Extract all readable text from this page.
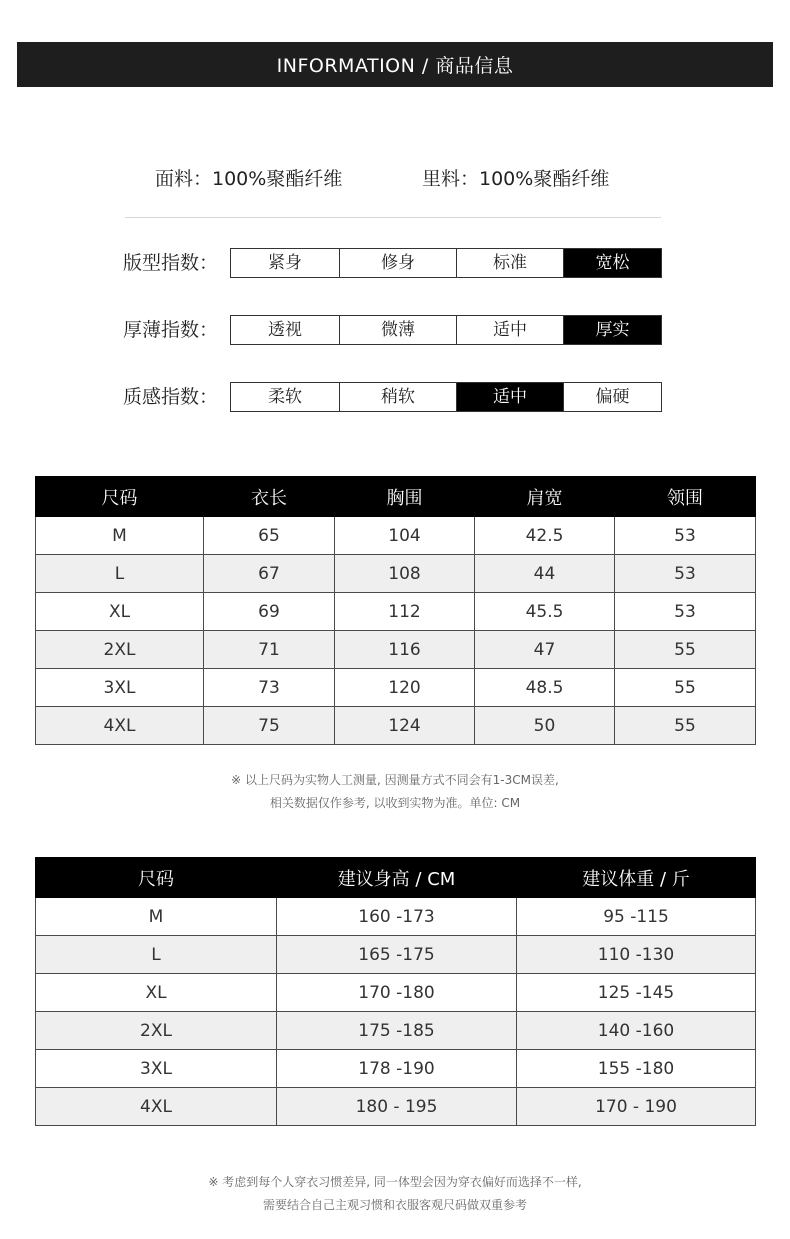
INFORMATION / 商品信息
面料：100%聚酯纤维	里料：100%聚酯纤维
版型指数：	紧身	修身	标准	宽松
厚薄指数：	透视	微薄	适中	厚实
质感指数：	柔软	稍软	适中	偏硬
尺码	衣长	胸围	肩宽	领围
M	65	104	42.5	53
L	67	108	44	53
XL	69	112	45.5	53
2XL	71	116	47	55
3XL	73	120	48.5	55
4XL	75	124	50	55
※ 以上尺码为实物人工测量, 因测量方式不同会有1-3CM误差,
相关数据仅作参考, 以收到实物为准。单位: CM
尺码	建议身高 / CM	建议体重 / 斤
M	160 -173	95 -115
L	165 -175	110 -130
XL	170 -180	125 -145
2XL	175 -185	140 -160
3XL	178 -190	155 -180
4XL	180 - 195	170 - 190
※ 考虑到每个人穿衣习惯差异, 同一体型会因为穿衣偏好而选择不一样,
需要结合自己主观习惯和衣服客观尺码做双重参考
